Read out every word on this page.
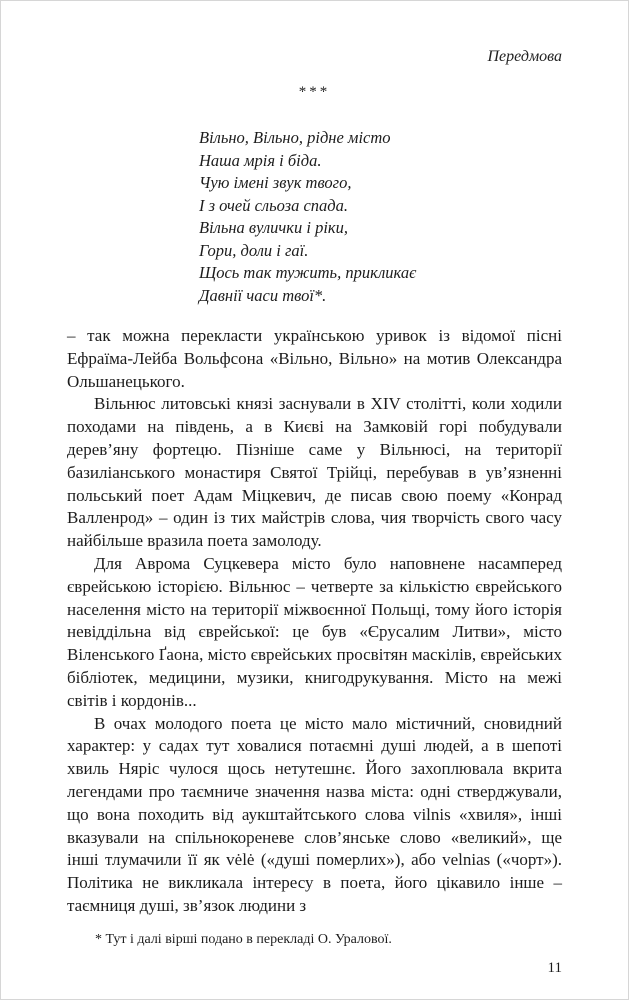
Передмова
***
Вільно, Вільно, рідне місто
Наша мрія і біда.
Чую імені звук твого,
І з очей сльоза спада.
Вільна вулички і ріки,
Гори, доли і гаї.
Щось так тужить, прикликає
Давнії часи твої*.

– так можна перекласти українською уривок із відомої пісні Ефраїма-Лейба Вольфсона «Вільно, Вільно» на мотив Олександра Ольшанецького.

Вільнюс литовські князі заснували в XIV столітті, коли ходили походами на південь, а в Києві на Замковій горі побудували дерев’яну фортецю. Пізніше саме у Вільнюсі, на території базиліанського монастиря Святої Трійці, перебував в ув’язненні польський поет Адам Міцкевич, де писав свою поему «Конрад Валленрод» – один із тих майстрів слова, чия творчість свого часу найбільше вразила поета замолоду.

Для Аврома Суцкевера місто було наповнене насамперед єврейською історією. Вільнюс – четверте за кількістю єврейського населення місто на території міжвоєнної Польщі, тому його історія невіддільна від єврейської: це був «Єрусалим Литви», місто Віленського Ґаона, місто єврейських просвітян маскілів, єврейських бібліотек, медицини, музики, книгодрукування. Місто на межі світів і кордонів...

В очах молодого поета це місто мало містичний, сновидний характер: у садах тут ховалися потаємні душі людей, а в шепоті хвиль Няріс чулося щось нетутешнє. Його захоплювала вкрита легендами про таємниче значення назва міста: одні стверджували, що вона походить від аукштайтського слова vilnis «хвиля», інші вказували на спільнокореневе слов’янське слово «великий», ще інші тлумачили її як vėlė («душі померлих»), або velnias («чорт»). Політика не викликала інтересу в поета, його цікавило інше – таємниця душі, зв’язок людини з

* Тут і далі вірші подано в перекладі О. Уралової.
11
